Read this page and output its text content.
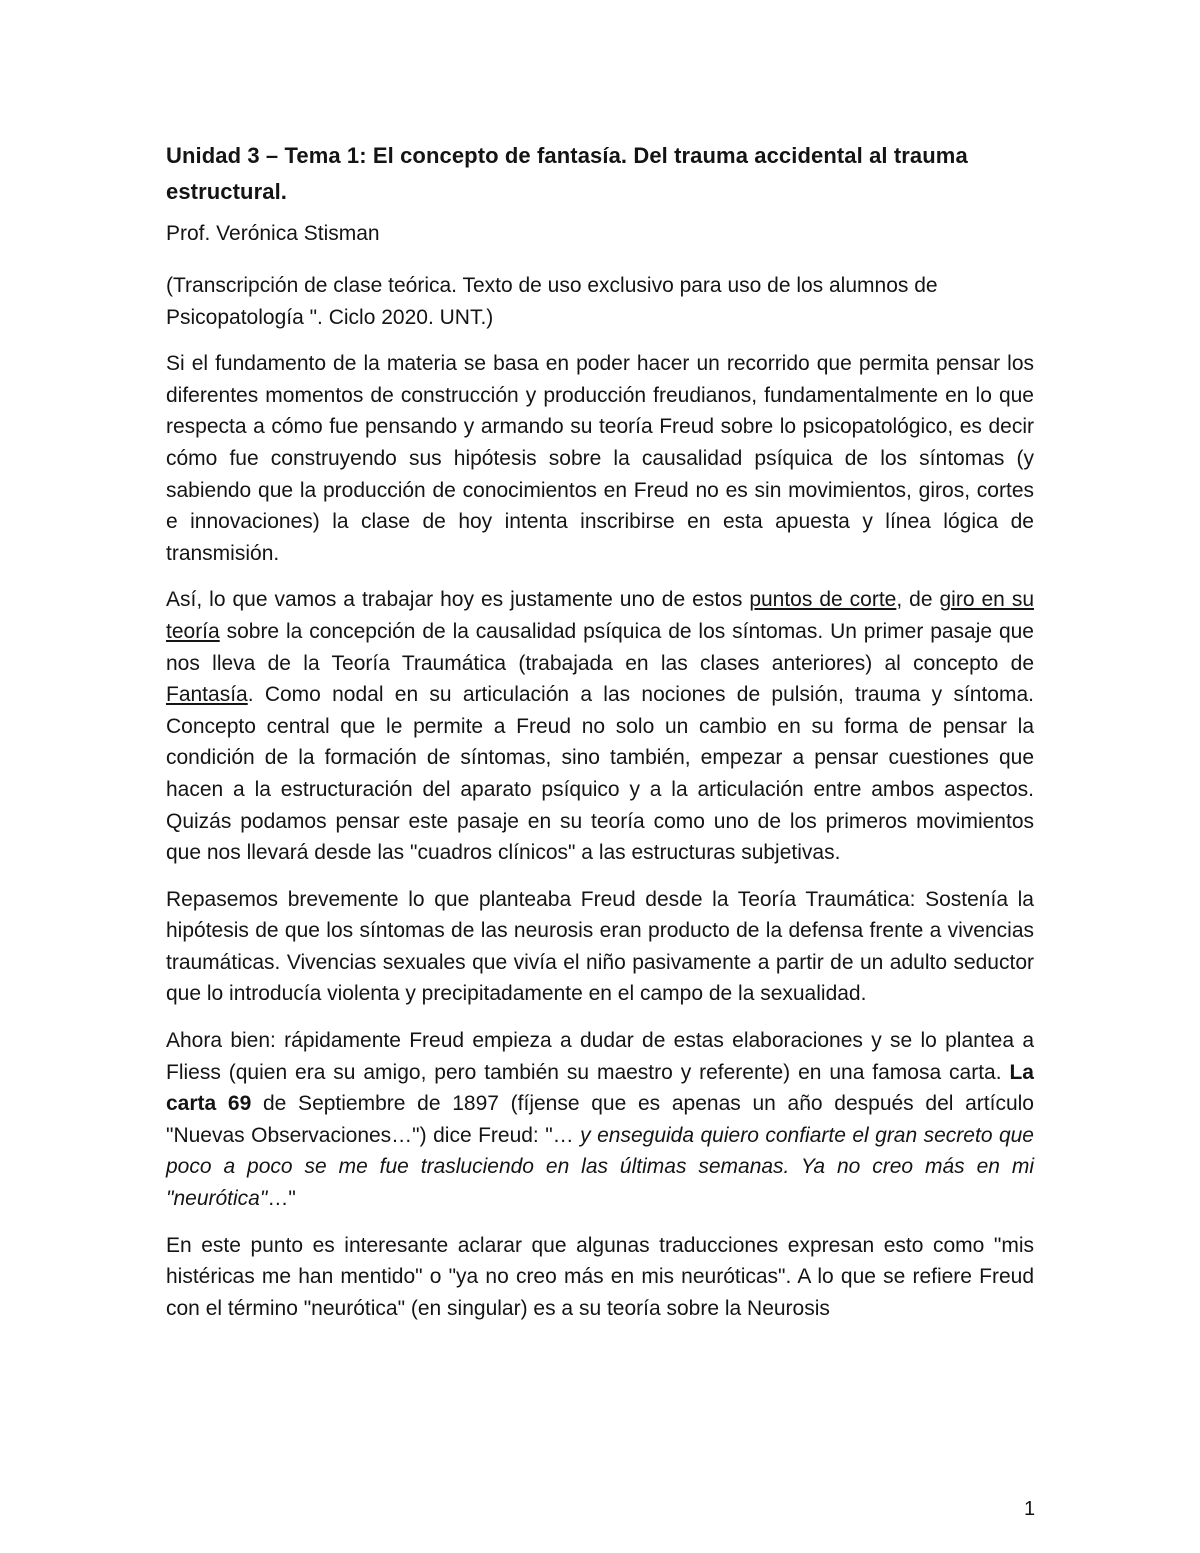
Unidad 3 – Tema 1: El concepto de fantasía. Del trauma accidental al trauma estructural.
Prof. Verónica Stisman

(Transcripción de clase teórica. Texto de uso exclusivo para uso de los alumnos de Psicopatología ". Ciclo 2020. UNT.)

Si el fundamento de la materia se basa en poder hacer un recorrido que permita pensar los diferentes momentos de construcción y producción freudianos, fundamentalmente en lo que respecta a cómo fue pensando y armando su teoría Freud sobre lo psicopatológico, es decir cómo fue construyendo sus hipótesis sobre la causalidad psíquica de los síntomas (y sabiendo que la producción de conocimientos en Freud no es sin movimientos, giros, cortes e innovaciones) la clase de hoy intenta inscribirse en esta apuesta y línea lógica de transmisión.

Así, lo que vamos a trabajar hoy es justamente uno de estos puntos de corte, de giro en su teoría sobre la concepción de la causalidad psíquica de los síntomas. Un primer pasaje que nos lleva de la Teoría Traumática (trabajada en las clases anteriores) al concepto de Fantasía. Como nodal en su articulación a las nociones de pulsión, trauma y síntoma. Concepto central que le permite a Freud no solo un cambio en su forma de pensar la condición de la formación de síntomas, sino también, empezar a pensar cuestiones que hacen a la estructuración del aparato psíquico y a la articulación entre ambos aspectos. Quizás podamos pensar este pasaje en su teoría como uno de los primeros movimientos que nos llevará desde las "cuadros clínicos" a las estructuras subjetivas.

Repasemos brevemente lo que planteaba Freud desde la Teoría Traumática: Sostenía la hipótesis de que los síntomas de las neurosis eran producto de la defensa frente a vivencias traumáticas. Vivencias sexuales que vivía el niño pasivamente a partir de un adulto seductor que lo introducía violenta y precipitadamente en el campo de la sexualidad.

Ahora bien: rápidamente Freud empieza a dudar de estas elaboraciones y se lo plantea a Fliess (quien era su amigo, pero también su maestro y referente) en una famosa carta. La carta 69 de Septiembre de 1897 (fíjense que es apenas un año después del artículo "Nuevas Observaciones…") dice Freud: "… y enseguida quiero confiarte el gran secreto que poco a poco se me fue trasluciendo en las últimas semanas. Ya no creo más en mi "neurótica"…"

En este punto es interesante aclarar que algunas traducciones expresan esto como "mis histéricas me han mentido" o "ya no creo más en mis neuróticas". A lo que se refiere Freud con el término "neurótica" (en singular) es a su teoría sobre la Neurosis

1
